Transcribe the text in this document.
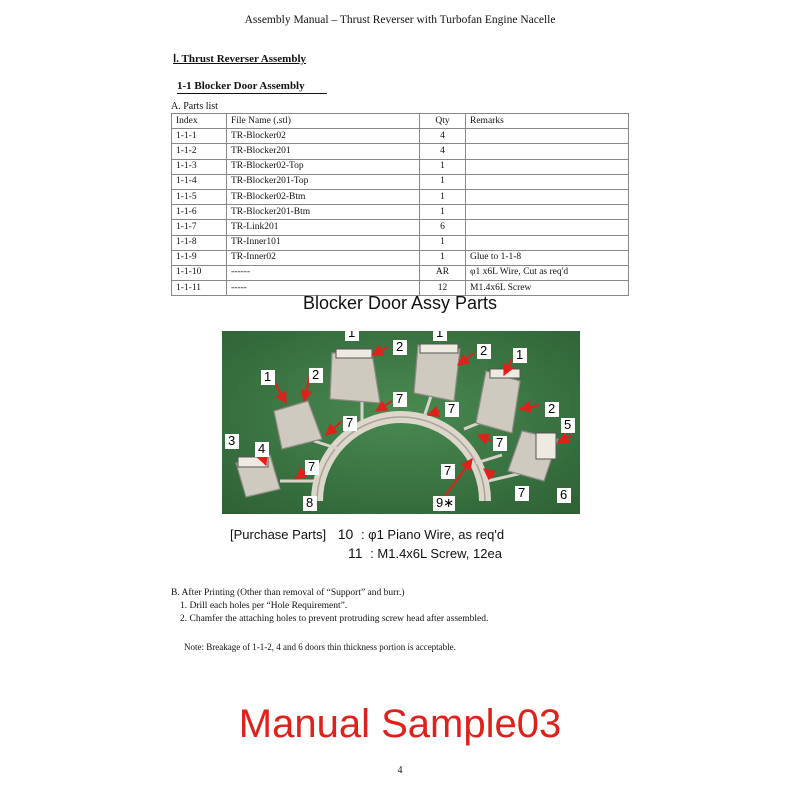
Assembly Manual – Thrust Reverser with Turbofan Engine Nacelle
Ⅰ. Thrust Reverser Assembly
1-1 Blocker Door Assembly
A. Parts list
Index	File Name (.stl)	Qty	Remarks
1-1-1	TR-Blocker02	4	
1-1-2	TR-Blocker201	4	
1-1-3	TR-Blocker02-Top	1	
1-1-4	TR-Blocker201-Top	1	
1-1-5	TR-Blocker02-Btm	1	
1-1-6	TR-Blocker201-Btm	1	
1-1-7	TR-Link201	6	
1-1-8	TR-Inner101	1	
1-1-9	TR-Inner02	1	Glue to 1-1-8
1-1-10	------	AR	φ1 x6L Wire, Cut as req'd
1-1-11	-----	12	M1.4x6L Screw
Blocker Door Assy Parts
1
2
1
2 1
2
1	2
3
4
5
6
7
7
7
7
7
7	7
8	9∗
[Purchase Parts] 10 : φ1 Piano Wire, as req'd
11 : M1.4x6L Screw, 12ea
B. After Printing (Other than removal of “Support” and burr.)
1. Drill each holes per “Hole Requirement”.
2. Chamfer the attaching holes to prevent protruding screw head after assembled.
Note: Breakage of 1-1-2, 4 and 6 doors thin thickness portion is acceptable.
Manual Sample03
4
